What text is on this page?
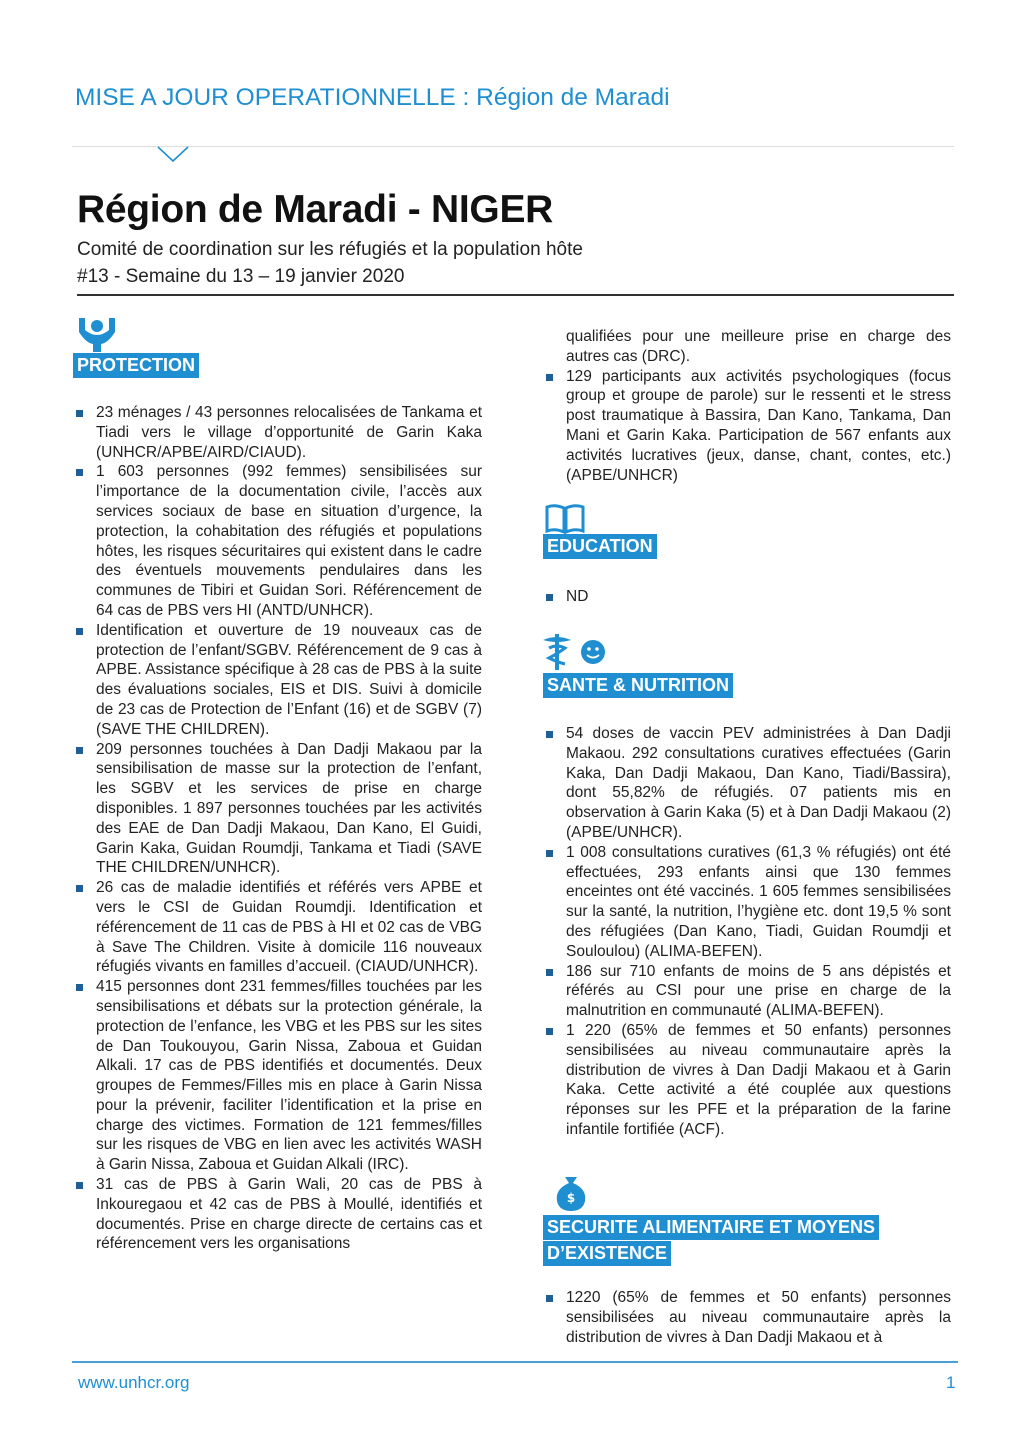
MISE A JOUR OPERATIONNELLE : Région de Maradi
Région de Maradi - NIGER
Comité de coordination sur les réfugiés et la population hôte
#13 - Semaine du 13 – 19 janvier 2020
PROTECTION
23 ménages / 43 personnes relocalisées de Tankama et Tiadi vers le village d’opportunité de Garin Kaka (UNHCR/APBE/AIRD/CIAUD).
1 603 personnes (992 femmes) sensibilisées sur l’importance de la documentation civile, l’accès aux services sociaux de base en situation d’urgence, la protection, la cohabitation des réfugiés et populations hôtes, les risques sécuritaires qui existent dans le cadre des éventuels mouvements pendulaires dans les communes de Tibiri et Guidan Sori. Référencement de 64 cas de PBS vers HI (ANTD/UNHCR).
Identification et ouverture de 19 nouveaux cas de protection de l’enfant/SGBV. Référencement de 9 cas à APBE. Assistance spécifique à 28 cas de PBS à la suite des évaluations sociales, EIS et DIS. Suivi à domicile de 23 cas de Protection de l’Enfant (16) et de SGBV (7) (SAVE THE CHILDREN).
209 personnes touchées à Dan Dadji Makaou par la sensibilisation de masse sur la protection de l’enfant, les SGBV et les services de prise en charge disponibles. 1 897 personnes touchées par les activités des EAE de Dan Dadji Makaou, Dan Kano, El Guidi, Garin Kaka, Guidan Roumdji, Tankama et Tiadi (SAVE THE CHILDREN/UNHCR).
26 cas de maladie identifiés et référés vers APBE et vers le CSI de Guidan Roumdji. Identification et référencement de 11 cas de PBS à HI et 02 cas de VBG à Save The Children. Visite à domicile 116 nouveaux réfugiés vivants en familles d’accueil. (CIAUD/UNHCR).
415 personnes dont 231 femmes/filles touchées par les sensibilisations et débats sur la protection générale, la protection de l’enfance, les VBG et les PBS sur les sites de Dan Toukouyou, Garin Nissa, Zaboua et Guidan Alkali. 17 cas de PBS identifiés et documentés. Deux groupes de Femmes/Filles mis en place à Garin Nissa pour la prévenir, faciliter l’identification et la prise en charge des victimes. Formation de 121 femmes/filles sur les risques de VBG en lien avec les activités WASH à Garin Nissa, Zaboua et Guidan Alkali (IRC).
31 cas de PBS à Garin Wali, 20 cas de PBS à Inkouregaou et 42 cas de PBS à Moullé, identifiés et documentés. Prise en charge directe de certains cas et référencement vers les organisations

qualifiées pour une meilleure prise en charge des autres cas (DRC).

129 participants aux activités psychologiques (focus group et groupe de parole) sur le ressenti et le stress post traumatique à Bassira, Dan Kano, Tankama, Dan Mani et Garin Kaka. Participation de 567 enfants aux activités lucratives (jeux, danse, chant, contes, etc.) (APBE/UNHCR)
EDUCATION
ND
SANTE & NUTRITION
54 doses de vaccin PEV administrées à Dan Dadji Makaou. 292 consultations curatives effectuées (Garin Kaka, Dan Dadji Makaou, Dan Kano, Tiadi/Bassira), dont 55,82% de réfugiés. 07 patients mis en observation à Garin Kaka (5) et à Dan Dadji Makaou (2) (APBE/UNHCR).
1 008 consultations curatives (61,3 % réfugiés) ont été effectuées, 293 enfants ainsi que 130 femmes enceintes ont été vaccinés. 1 605 femmes sensibilisées sur la santé, la nutrition, l’hygiène etc. dont 19,5 % sont des réfugiées (Dan Kano, Tiadi, Guidan Roumdji et Souloulou) (ALIMA-BEFEN).
186 sur 710 enfants de moins de 5 ans dépistés et référés au CSI pour une prise en charge de la malnutrition en communauté (ALIMA-BEFEN).
1 220 (65% de femmes et 50 enfants) personnes sensibilisées au niveau communautaire après la distribution de vivres à Dan Dadji Makaou et à Garin Kaka. Cette activité a été couplée aux questions réponses sur les PFE et la préparation de la farine infantile fortifiée (ACF).
$
SECURITE ALIMENTAIRE ET MOYENS
D’EXISTENCE
1220 (65% de femmes et 50 enfants) personnes sensibilisées au niveau communautaire après la distribution de vivres à Dan Dadji Makaou et à
www.unhcr.org	1
